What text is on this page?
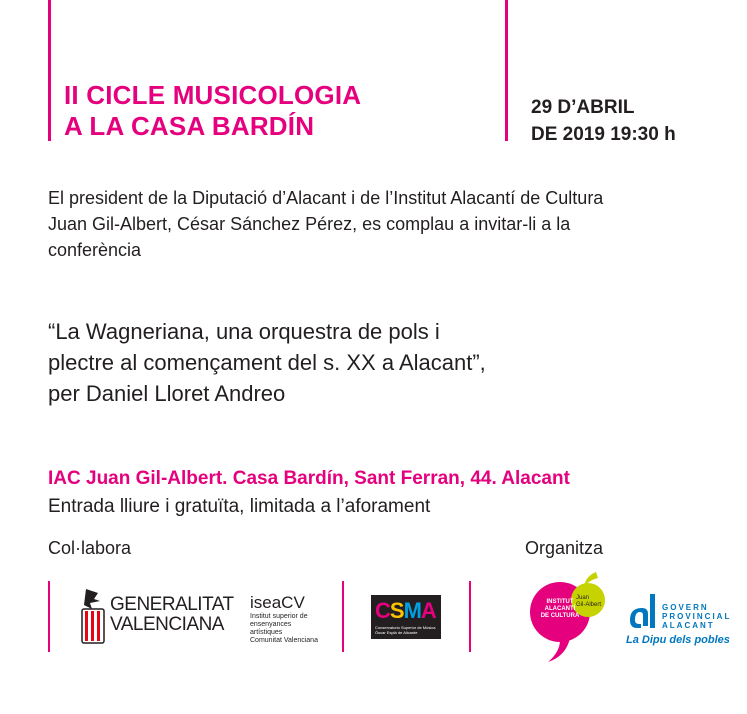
II CICLE MUSICOLOGIA
A LA CASA BARDÍN
29 D’ABRIL
DE 2019 19:30 h
El president de la Diputació d’Alacant i de l’Institut Alacantí de Cultura
Juan Gil-Albert, César Sánchez Pérez, es complau a invitar-li a la
conferència
“La Wagneriana, una orquestra de pols i
plectre al començament del s. XX a Alacant”,
per Daniel Lloret Andreo
IAC Juan Gil-Albert. Casa Bardín, Sant Ferran, 44. Alacant
Entrada lliure i gratuïta, limitada a l’aforament
Col·labora	Organitza
GENERALITAT
VALENCIANA
iseaCV
Institut superior de
ensenyances artístiques
Comunitat Valenciana
CSMA
Conservatorio Superior de Música Óscar Esplá de Alicante
INSTITUT
ALACANTÍ
DE CULTURA
Juan
Gil-Albert	GOVERN
PROVINCIAL
ALACANT
La Dipu dels pobles
